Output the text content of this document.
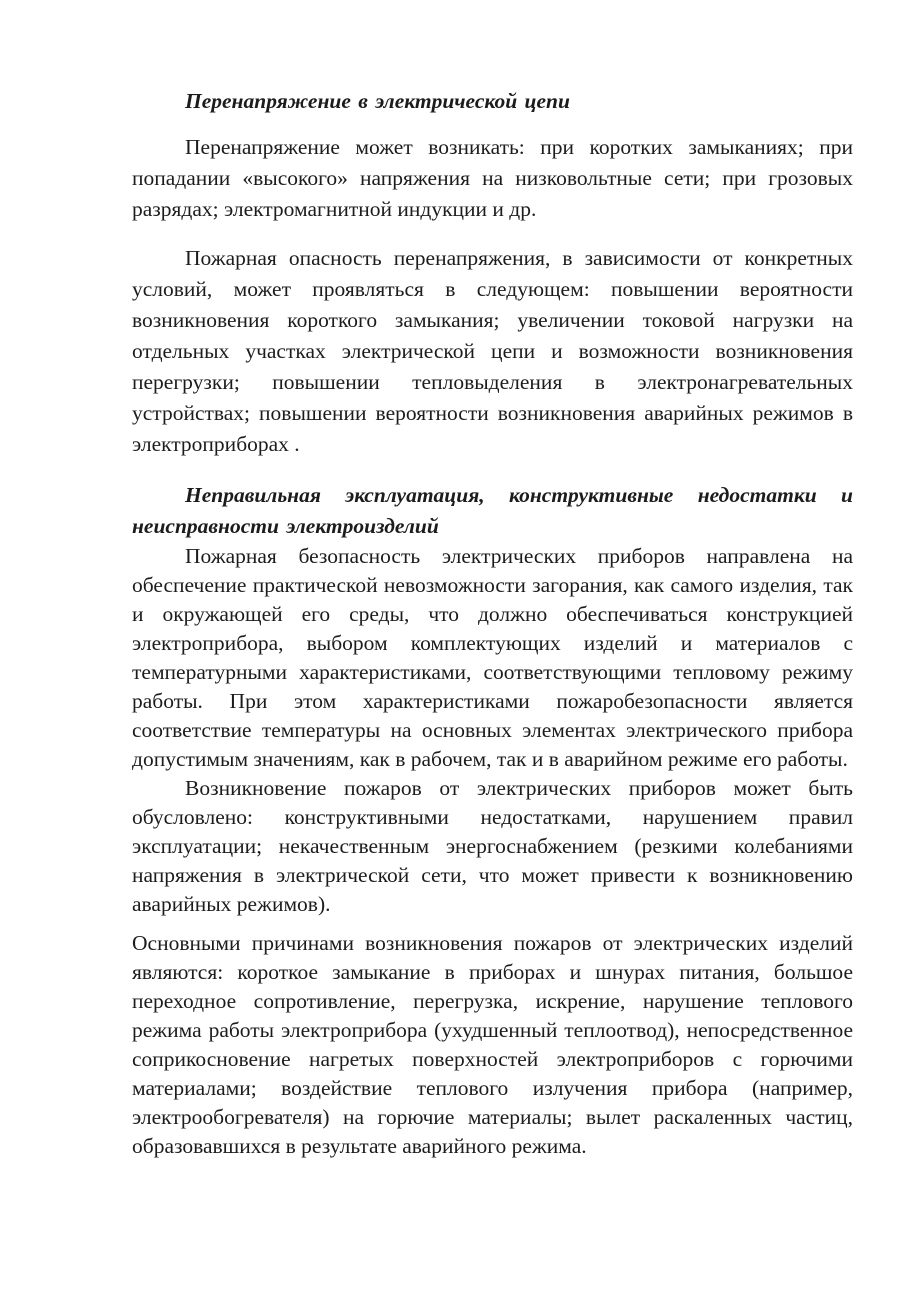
Перенапряжение в электрической цепи

Перенапряжение может возникать: при коротких замыканиях; при попадании «высокого» напряжения на низковольтные сети; при грозовых разрядах; электромагнитной индукции и др.

Пожарная опасность перенапряжения, в зависимости от конкретных условий, может проявляться в следующем: повышении вероятности возникновения короткого замыкания; увеличении токовой нагрузки на отдельных участках электрической цепи и возможности возникновения перегрузки; повышении тепловыделения в электронагревательных устройствах; повышении вероятности возникновения аварийных режимов в электроприборах .

Неправильная эксплуатация, конструктивные недостатки и неисправности электроизделий

Пожарная безопасность электрических приборов направлена на обеспечение практической невозможности загорания, как самого изделия, так и окружающей его среды, что должно обеспечиваться конструкцией электроприбора, выбором комплектующих изделий и материалов с температурными характеристиками, соответствующими тепловому режиму работы. При этом характеристиками пожаробезопасности является соответствие температуры на основных элементах электрического прибора допустимым значениям, как в рабочем, так и в аварийном режиме его работы.

Возникновение пожаров от электрических приборов может быть обусловлено: конструктивными недостатками, нарушением правил эксплуатации; некачественным энергоснабжением (резкими колебаниями напряжения в электрической сети, что может привести к возникновению аварийных режимов).

Основными причинами возникновения пожаров от электрических изделий являются: короткое замыкание в приборах и шнурах питания, большое переходное сопротивление, перегрузка, искрение, нарушение теплового режима работы электроприбора (ухудшенный теплоотвод), непосредственное соприкосновение нагретых поверхностей электроприборов с горючими материалами; воздействие теплового излучения прибора (например, электрообогревателя) на горючие материалы; вылет раскаленных частиц, образовавшихся в результате аварийного режима.
